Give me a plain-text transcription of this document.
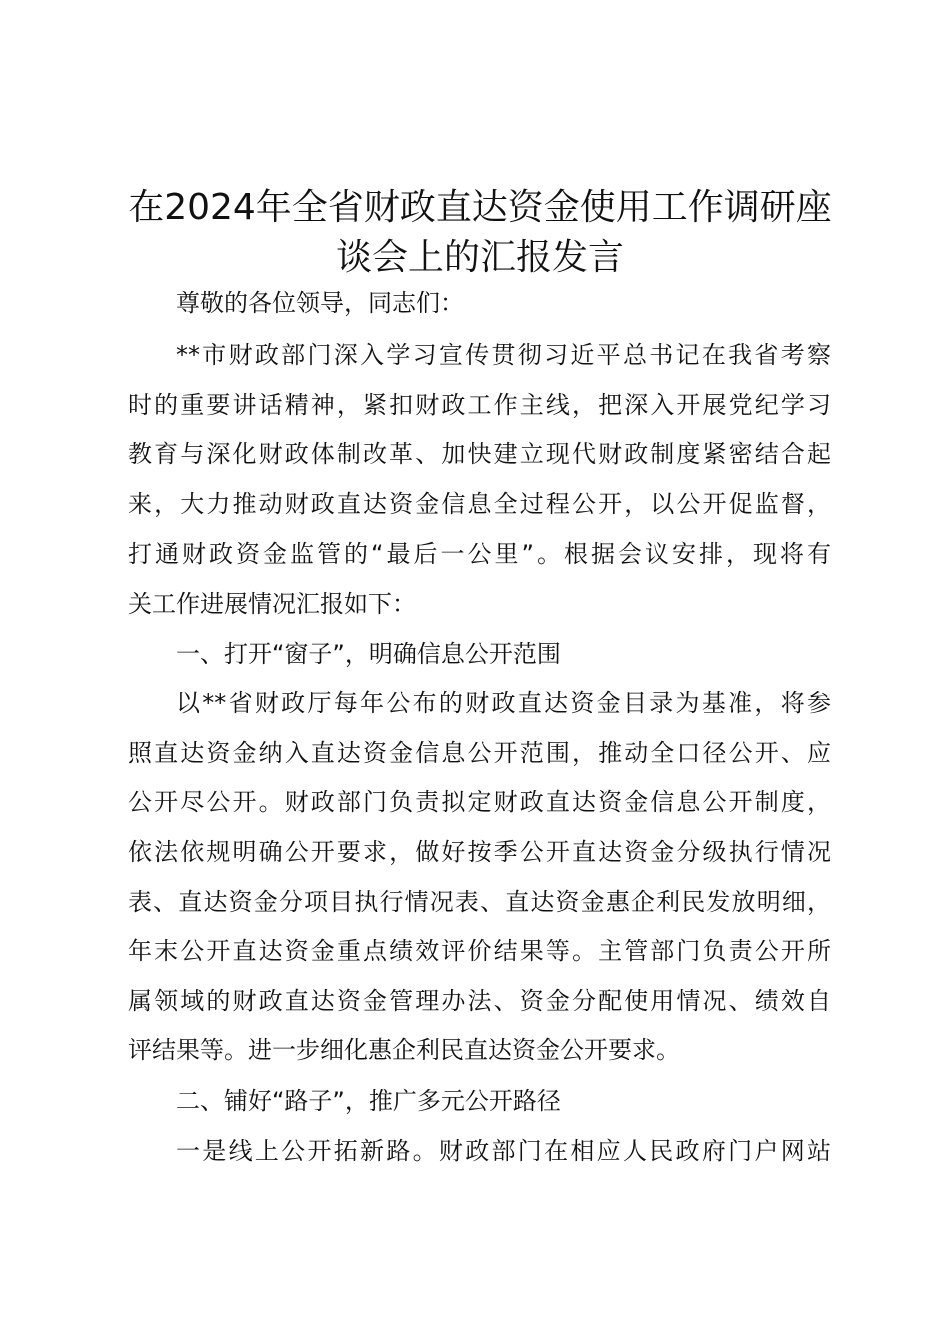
在2024年全省财政直达资金使用工作调研座
谈会上的汇报发言

尊敬的各位领导，同志们：

**市财政部门深入学习宣传贯彻习近平总书记在我省考察

时的重要讲话精神，紧扣财政工作主线，把深入开展党纪学习

教育与深化财政体制改革、加快建立现代财政制度紧密结合起

来，大力推动财政直达资金信息全过程公开，以公开促监督，

打通财政资金监管的“最后一公里”。根据会议安排，现将有

关工作进展情况汇报如下：

一、打开“窗子”，明确信息公开范围

以**省财政厅每年公布的财政直达资金目录为基准，将参

照直达资金纳入直达资金信息公开范围，推动全口径公开、应

公开尽公开。财政部门负责拟定财政直达资金信息公开制度，

依法依规明确公开要求，做好按季公开直达资金分级执行情况

表、直达资金分项目执行情况表、直达资金惠企利民发放明细，

年末公开直达资金重点绩效评价结果等。主管部门负责公开所

属领域的财政直达资金管理办法、资金分配使用情况、绩效自

评结果等。进一步细化惠企利民直达资金公开要求。

二、铺好“路子”，推广多元公开路径

一是线上公开拓新路。财政部门在相应人民政府门户网站
